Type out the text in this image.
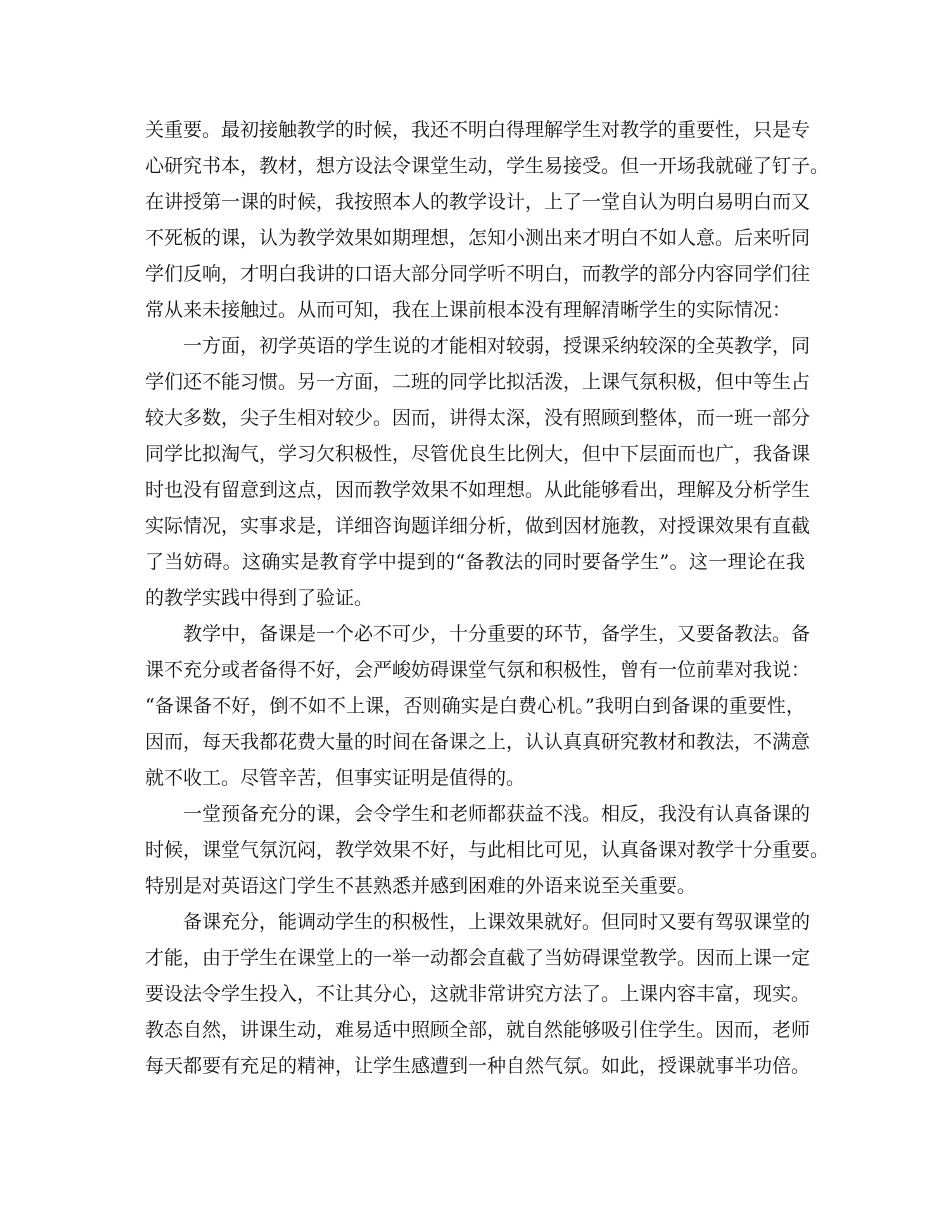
关重要。最初接触教学的时候，我还不明白得理解学生对教学的重要性，只是专
心研究书本，教材，想方设法令课堂生动，学生易接受。但一开场我就碰了钉子。
在讲授第一课的时候，我按照本人的教学设计，上了一堂自认为明白易明白而又
不死板的课，认为教学效果如期理想，怎知小测出来才明白不如人意。后来听同
学们反响，才明白我讲的口语大部分同学听不明白，而教学的部分内容同学们往
常从来未接触过。从而可知，我在上课前根本没有理解清晰学生的实际情况：
一方面，初学英语的学生说的才能相对较弱，授课采纳较深的全英教学，同
学们还不能习惯。另一方面，二班的同学比拟活泼，上课气氛积极，但中等生占
较大多数，尖子生相对较少。因而，讲得太深，没有照顾到整体，而一班一部分
同学比拟淘气，学习欠积极性，尽管优良生比例大，但中下层面而也广，我备课
时也没有留意到这点，因而教学效果不如理想。从此能够看出，理解及分析学生
实际情况，实事求是，详细咨询题详细分析，做到因材施教，对授课效果有直截
了当妨碍。这确实是教育学中提到的“备教法的同时要备学生”。这一理论在我
的教学实践中得到了验证。
教学中，备课是一个必不可少，十分重要的环节，备学生，又要备教法。备
课不充分或者备得不好，会严峻妨碍课堂气氛和积极性，曾有一位前辈对我说：
“备课备不好，倒不如不上课，否则确实是白费心机。”我明白到备课的重要性，
因而，每天我都花费大量的时间在备课之上，认认真真研究教材和教法，不满意
就不收工。尽管辛苦，但事实证明是值得的。
一堂预备充分的课，会令学生和老师都获益不浅。相反，我没有认真备课的
时候，课堂气氛沉闷，教学效果不好，与此相比可见，认真备课对教学十分重要。
特别是对英语这门学生不甚熟悉并感到困难的外语来说至关重要。
备课充分，能调动学生的积极性，上课效果就好。但同时又要有驾驭课堂的
才能，由于学生在课堂上的一举一动都会直截了当妨碍课堂教学。因而上课一定
要设法令学生投入，不让其分心，这就非常讲究方法了。上课内容丰富，现实。
教态自然，讲课生动，难易适中照顾全部，就自然能够吸引住学生。因而，老师
每天都要有充足的精神，让学生感遭到一种自然气氛。如此，授课就事半功倍。
